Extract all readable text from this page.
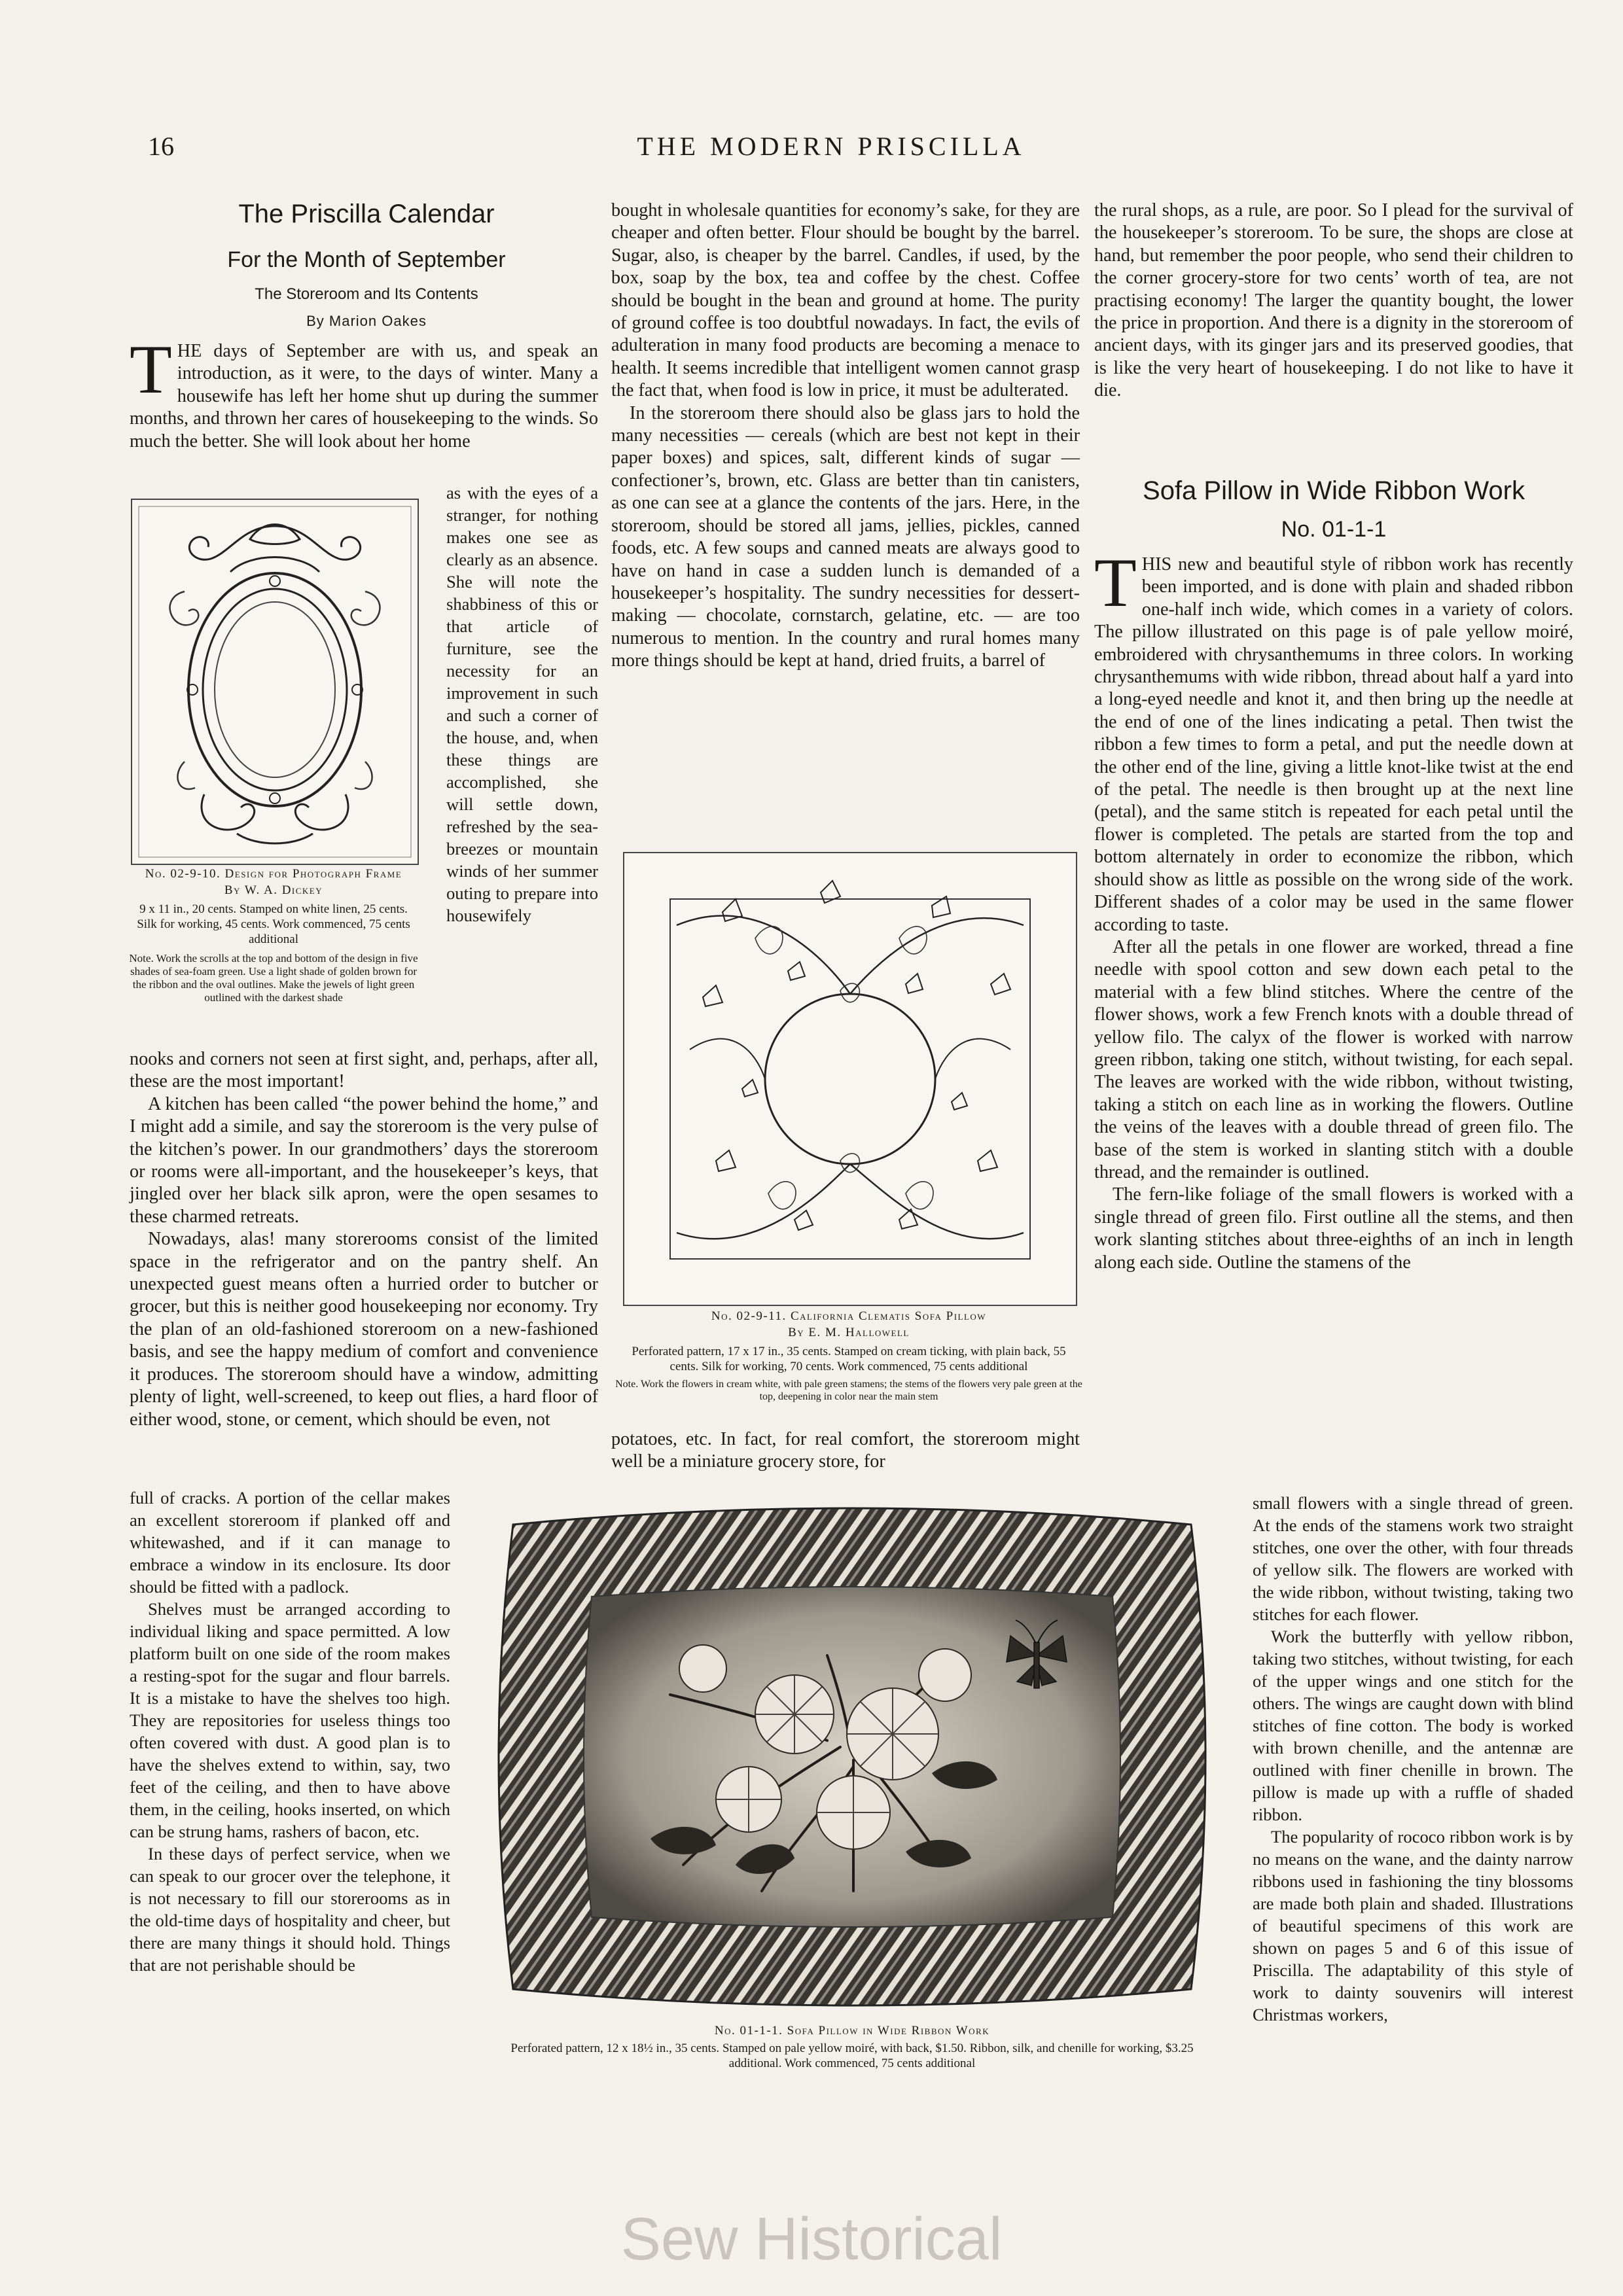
16	THE MODERN PRISCILLA
The Priscilla Calendar
For the Month of September
The Storeroom and Its Contents
By Marion Oakes
T HE days of September are with us, and speak an introduction, as it were, to the days of winter. Many a housewife has left her home shut up during the summer months, and thrown her cares of housekeeping to the winds. So much the better. She will look about her home
No. 02-9-10. Design for Photograph Frame
By W. A. Dickey
9 x 11 in., 20 cents. Stamped on white linen, 25 cents. Silk for working, 45 cents. Work commenced, 75 cents additional
Note. Work the scrolls at the top and bottom of the design in five shades of sea-foam green. Use a light shade of golden brown for the ribbon and the oval outlines. Make the jewels of light green outlined with the darkest shade
as with the eyes of a stranger, for nothing makes one see as clearly as an absence. She will note the shabbiness of this or that article of furniture, see the necessity for an improvement in such and such a corner of the house, and, when these things are accomplished, she will settle down, refreshed by the sea-breezes or mountain winds of her summer outing to prepare into housewifely

nooks and corners not seen at first sight, and, perhaps, after all, these are the most important!

A kitchen has been called “the power behind the home,” and I might add a simile, and say the storeroom is the very pulse of the kitchen’s power. In our grandmothers’ days the storeroom or rooms were all-important, and the housekeeper’s keys, that jingled over her black silk apron, were the open sesames to these charmed retreats.

Nowadays, alas! many storerooms consist of the limited space in the refrigerator and on the pantry shelf. An unexpected guest means often a hurried order to butcher or grocer, but this is neither good housekeeping nor economy. Try the plan of an old-fashioned storeroom on a new-fashioned basis, and see the happy medium of comfort and convenience it produces. The storeroom should have a window, admitting plenty of light, well-screened, to keep out flies, a hard floor of either wood, stone, or cement, which should be even, not

full of cracks. A portion of the cellar makes an excellent storeroom if planked off and whitewashed, and if it can manage to embrace a window in its enclosure. Its door should be fitted with a padlock.

Shelves must be arranged according to individual liking and space permitted. A low platform built on one side of the room makes a resting-spot for the sugar and flour barrels. It is a mistake to have the shelves too high. They are repositories for useless things too often covered with dust. A good plan is to have the shelves extend to within, say, two feet of the ceiling, and then to have above them, in the ceiling, hooks inserted, on which can be strung hams, rashers of bacon, etc.

In these days of perfect service, when we can speak to our grocer over the telephone, it is not necessary to fill our storerooms as in the old-time days of hospitality and cheer, but there are many things it should hold. Things that are not perishable should be

bought in wholesale quantities for economy’s sake, for they are cheaper and often better. Flour should be bought by the barrel. Sugar, also, is cheaper by the barrel. Candles, if used, by the box, soap by the box, tea and coffee by the chest. Coffee should be bought in the bean and ground at home. The purity of ground coffee is too doubtful nowadays. In fact, the evils of adulteration in many food products are becoming a menace to health. It seems incredible that intelligent women cannot grasp the fact that, when food is low in price, it must be adulterated.

In the storeroom there should also be glass jars to hold the many necessities — cereals (which are best not kept in their paper boxes) and spices, salt, different kinds of sugar — confectioner’s, brown, etc. Glass are better than tin canisters, as one can see at a glance the contents of the jars. Here, in the storeroom, should be stored all jams, jellies, pickles, canned foods, etc. A few soups and canned meats are always good to have on hand in case a sudden lunch is demanded of a housekeeper’s hospitality. The sundry necessities for dessert-making — chocolate, cornstarch, gelatine, etc. — are too numerous to mention. In the country and rural homes many more things should be kept at hand, dried fruits, a barrel of

No. 02-9-11. California Clematis Sofa Pillow
By E. M. Hallowell
Perforated pattern, 17 x 17 in., 35 cents. Stamped on cream ticking, with plain back, 55 cents. Silk for working, 70 cents. Work commenced, 75 cents additional
Note. Work the flowers in cream white, with pale green stamens; the stems of the flowers very pale green at the top, deepening in color near the main stem

potatoes, etc. In fact, for real comfort, the storeroom might well be a miniature grocery store, for

the rural shops, as a rule, are poor. So I plead for the survival of the housekeeper’s storeroom. To be sure, the shops are close at hand, but remember the poor people, who send their children to the corner grocery-store for two cents’ worth of tea, are not practising economy! The larger the quantity bought, the lower the price in proportion. And there is a dignity in the storeroom of ancient days, with its ginger jars and its preserved goodies, that is like the very heart of housekeeping. I do not like to have it die.

Sofa Pillow in Wide Ribbon Work
No. 01-1-1

T HIS new and beautiful style of ribbon work has recently been imported, and is done with plain and shaded ribbon one-half inch wide, which comes in a variety of colors. The pillow illustrated on this page is of pale yellow moiré, embroidered with chrysanthemums in three colors. In working chrysanthemums with wide ribbon, thread about half a yard into a long-eyed needle and knot it, and then bring up the needle at the end of one of the lines indicating a petal. Then twist the ribbon a few times to form a petal, and put the needle down at the other end of the line, giving a little knot-like twist at the end of the petal. The needle is then brought up at the next line (petal), and the same stitch is repeated for each petal until the flower is completed. The petals are started from the top and bottom alternately in order to economize the ribbon, which should show as little as possible on the wrong side of the work. Different shades of a color may be used in the same flower according to taste.

After all the petals in one flower are worked, thread a fine needle with spool cotton and sew down each petal to the material with a few blind stitches. Where the centre of the flower shows, work a few French knots with a double thread of yellow filo. The calyx of the flower is worked with narrow green ribbon, taking one stitch, without twisting, for each sepal. The leaves are worked with the wide ribbon, without twisting, taking a stitch on each line as in working the flowers. Outline the veins of the leaves with a double thread of green filo. The base of the stem is worked in slanting stitch with a double thread, and the remainder is outlined.

The fern-like foliage of the small flowers is worked with a single thread of green filo. First outline all the stems, and then work slanting stitches about three-eighths of an inch in length along each side. Outline the stamens of the

small flowers with a single thread of green. At the ends of the stamens work two straight stitches, one over the other, with four threads of yellow silk. The flowers are worked with the wide ribbon, without twisting, taking two stitches for each flower.

Work the butterfly with yellow ribbon, taking two stitches, without twisting, for each of the upper wings and one stitch for the others. The wings are caught down with blind stitches of fine cotton. The body is worked with brown chenille, and the antennæ are outlined with finer chenille in brown. The pillow is made up with a ruffle of shaded ribbon.

The popularity of rococo ribbon work is by no means on the wane, and the dainty narrow ribbons used in fashioning the tiny blossoms are made both plain and shaded. Illustrations of beautiful specimens of this work are shown on pages 5 and 6 of this issue of Priscilla. The adaptability of this style of work to dainty souvenirs will interest Christmas workers,

No. 01-1-1. Sofa Pillow in Wide Ribbon Work
Perforated pattern, 12 x 18½ in., 35 cents. Stamped on pale yellow moiré, with back, $1.50. Ribbon, silk, and chenille for working, $3.25 additional. Work commenced, 75 cents additional
Sew Historical
